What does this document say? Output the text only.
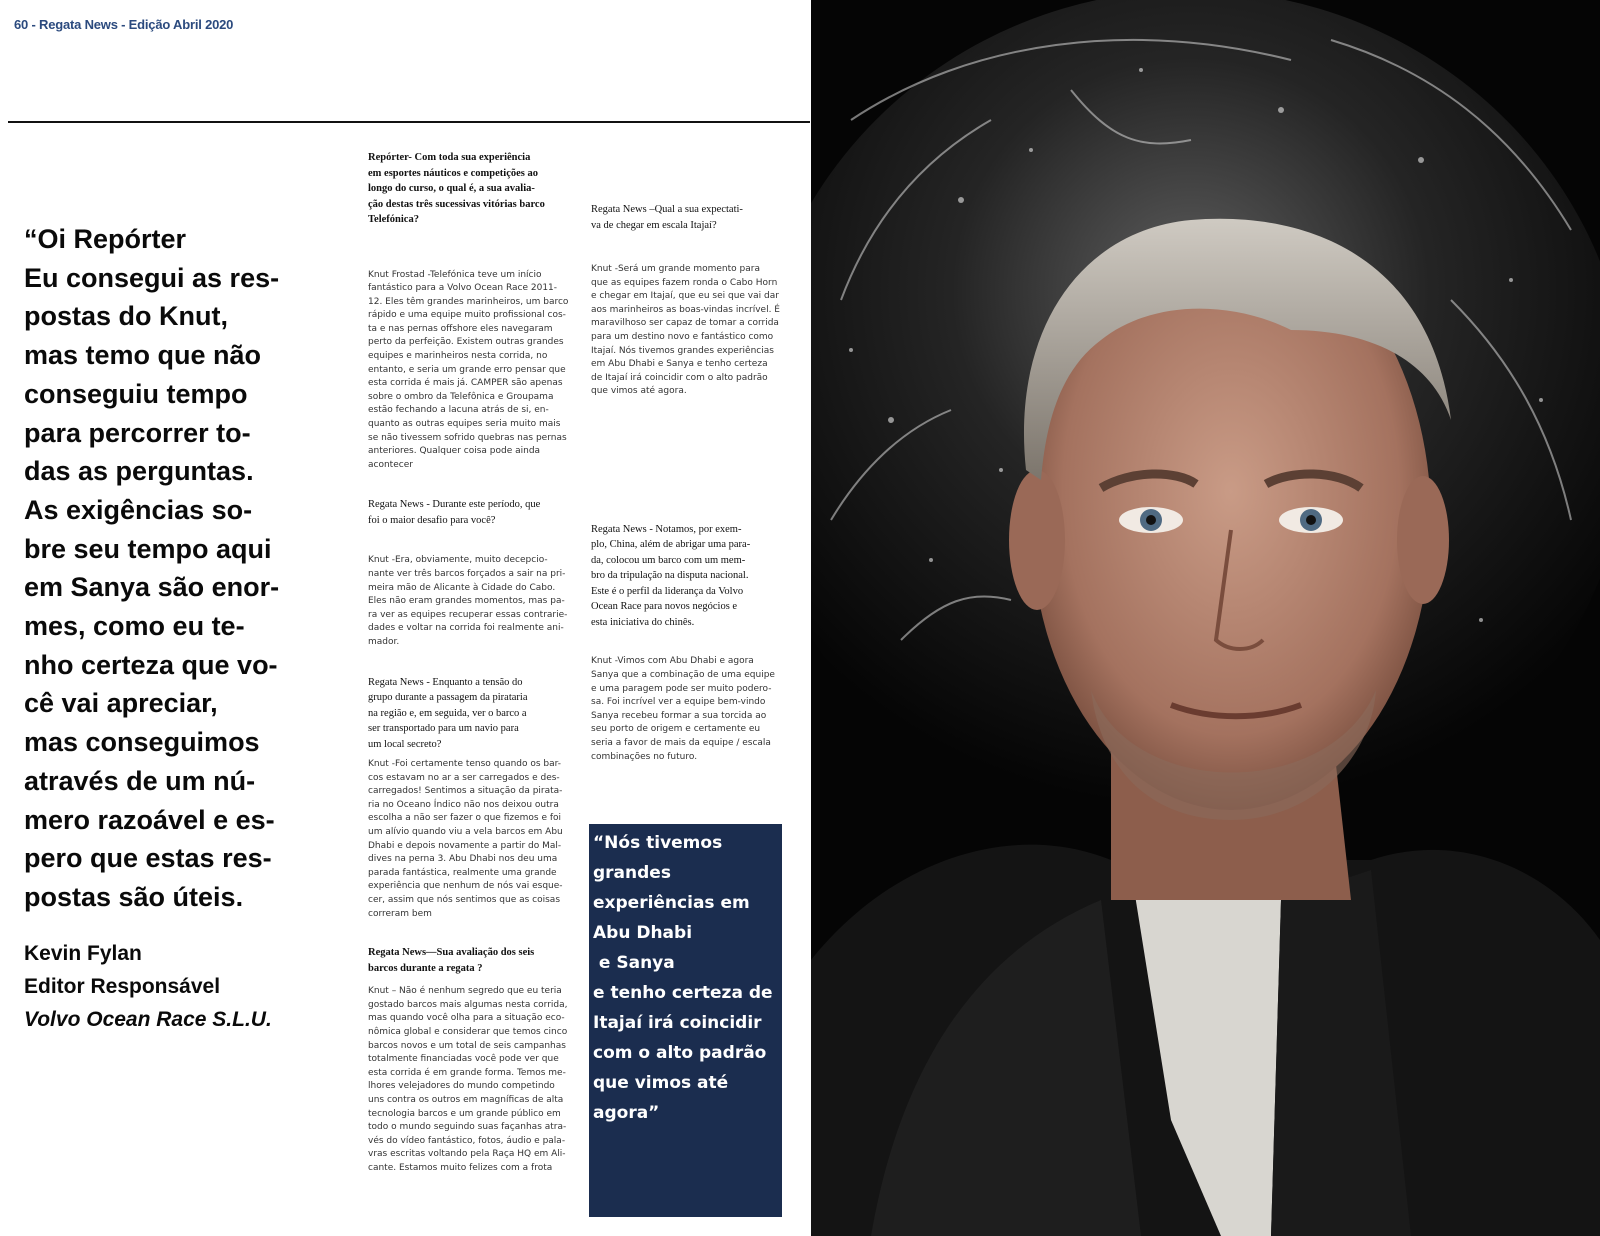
60 - Regata News - Edição Abril 2020
“Oi Repórter
Eu consegui as res-
postas do Knut,
mas temo que não
conseguiu tempo
para percorrer to-
das as perguntas.
As exigências so-
bre seu tempo aqui
em Sanya são enor-
mes, como eu te-
nho certeza que vo-
cê vai apreciar,
mas conseguimos
através de um nú-
mero razoável e es-
pero que estas res-
postas são úteis.
Kevin Fylan
Editor Responsável
Volvo Ocean Race S.L.U.
Repórter- Com toda sua experiência
em esportes náuticos e competições ao
longo do curso, o qual é, a sua avalia-
ção destas três sucessivas vitórias barco
Telefónica?
Knut Frostad -Telefónica teve um início
fantástico para a Volvo Ocean Race 2011-
12. Eles têm grandes marinheiros, um barco
rápido e uma equipe muito profissional cos-
ta e nas pernas offshore eles navegaram
perto da perfeição. Existem outras grandes
equipes e marinheiros nesta corrida, no
entanto, e seria um grande erro pensar que
esta corrida é mais já. CAMPER são apenas
sobre o ombro da Telefônica e Groupama
estão fechando a lacuna atrás de si, en-
quanto as outras equipes seria muito mais
se não tivessem sofrido quebras nas pernas
anteriores. Qualquer coisa pode ainda
acontecer
Regata News - Durante este período, que
foi o maior desafio para você?
Knut -Era, obviamente, muito decepcio-
nante ver três barcos forçados a sair na pri-
meira mão de Alicante à Cidade do Cabo.
Eles não eram grandes momentos, mas pa-
ra ver as equipes recuperar essas contrarie-
dades e voltar na corrida foi realmente ani-
mador.
Regata News - Enquanto a tensão do
grupo durante a passagem da pirataria
na região e, em seguida, ver o barco a
ser transportado para um navio para
um local secreto?
Knut -Foi certamente tenso quando os bar-
cos estavam no ar a ser carregados e des-
carregados! Sentimos a situação da pirata-
ria no Oceano Índico não nos deixou outra
escolha a não ser fazer o que fizemos e foi
um alívio quando viu a vela barcos em Abu
Dhabi e depois novamente a partir do Mal-
dives na perna 3. Abu Dhabi nos deu uma
parada fantástica, realmente uma grande
experiência que nenhum de nós vai esque-
cer, assim que nós sentimos que as coisas
correram bem
Regata News—Sua avaliação dos seis
barcos durante a regata ?
Knut – Não é nenhum segredo que eu teria
gostado barcos mais algumas nesta corrida,
mas quando você olha para a situação eco-
nômica global e considerar que temos cinco
barcos novos e um total de seis campanhas
totalmente financiadas você pode ver que
esta corrida é em grande forma. Temos me-
lhores velejadores do mundo competindo
uns contra os outros em magníficas de alta
tecnologia barcos e um grande público em
todo o mundo seguindo suas façanhas atra-
vés do vídeo fantástico, fotos, áudio e pala-
vras escritas voltando pela Raça HQ em Ali-
cante. Estamos muito felizes com a frota
Regata News –Qual a sua expectati-
va de chegar em escala Itajaí?
Knut -Será um grande momento para
que as equipes fazem ronda o Cabo Horn
e chegar em Itajaí, que eu sei que vai dar
aos marinheiros as boas-vindas incrível. É
maravilhoso ser capaz de tomar a corrida
para um destino novo e fantástico como
Itajaí. Nós tivemos grandes experiências
em Abu Dhabi e Sanya e tenho certeza
de Itajaí irá coincidir com o alto padrão
que vimos até agora.
Regata News - Notamos, por exem-
plo, China, além de abrigar uma para-
da, colocou um barco com um mem-
bro da tripulação na disputa nacional.
Este é o perfil da liderança da Volvo
Ocean Race para novos negócios e
esta iniciativa do chinês.
Knut -Vimos com Abu Dhabi e agora
Sanya que a combinação de uma equipe
e uma paragem pode ser muito podero-
sa. Foi incrível ver a equipe bem-vindo
Sanya recebeu formar a sua torcida ao
seu porto de origem e certamente eu
seria a favor de mais da equipe / escala
combinações no futuro.
“Nós tivemos
grandes
experiências em
Abu Dhabi
e Sanya
e tenho certeza de
Itajaí irá coincidir
com o alto padrão
que vimos até
agora”
